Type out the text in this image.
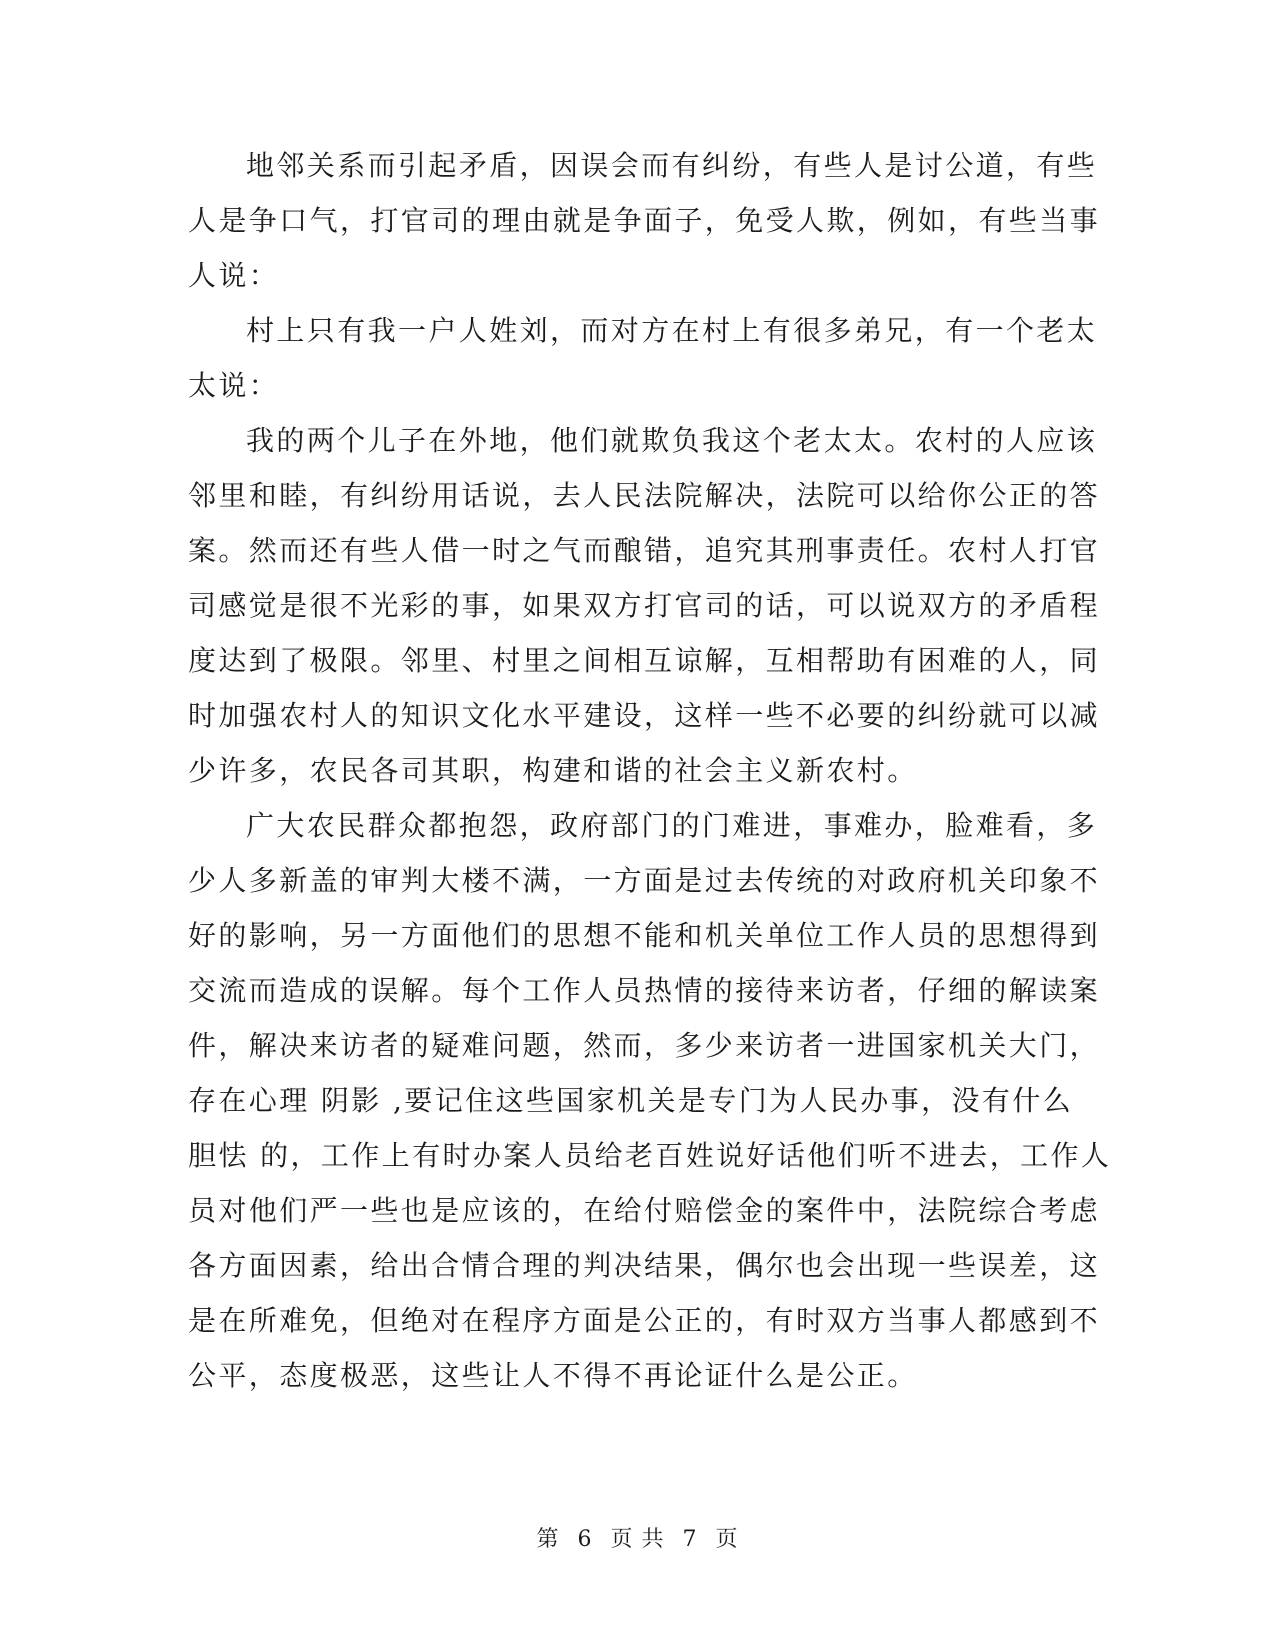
地邻关系而引起矛盾，因误会而有纠纷，有些人是讨公道，有些
人是争口气，打官司的理由就是争面子，免受人欺，例如，有些当事
人说：
村上只有我一户人姓刘，而对方在村上有很多弟兄，有一个老太
太说：
我的两个儿子在外地，他们就欺负我这个老太太。农村的人应该
邻里和睦，有纠纷用话说，去人民法院解决，法院可以给你公正的答
案。然而还有些人借一时之气而酿错，追究其刑事责任。农村人打官
司感觉是很不光彩的事，如果双方打官司的话，可以说双方的矛盾程
度达到了极限。邻里、村里之间相互谅解，互相帮助有困难的人，同
时加强农村人的知识文化水平建设，这样一些不必要的纠纷就可以减
少许多，农民各司其职，构建和谐的社会主义新农村。
广大农民群众都抱怨，政府部门的门难进，事难办，脸难看，多
少人多新盖的审判大楼不满，一方面是过去传统的对政府机关印象不
好的影响，另一方面他们的思想不能和机关单位工作人员的思想得到
交流而造成的误解。每个工作人员热情的接待来访者，仔细的解读案
件，解决来访者的疑难问题，然而，多少来访者一进国家机关大门，
存在心理 阴影 ,要记住这些国家机关是专门为人民办事，没有什么
胆怯 的，工作上有时办案人员给老百姓说好话他们听不进去，工作人
员对他们严一些也是应该的，在给付赔偿金的案件中，法院综合考虑
各方面因素，给出合情合理的判决结果，偶尔也会出现一些误差，这
是在所难免，但绝对在程序方面是公正的，有时双方当事人都感到不
公平，态度极恶，这些让人不得不再论证什么是公正。
第 6 页 共 7 页
